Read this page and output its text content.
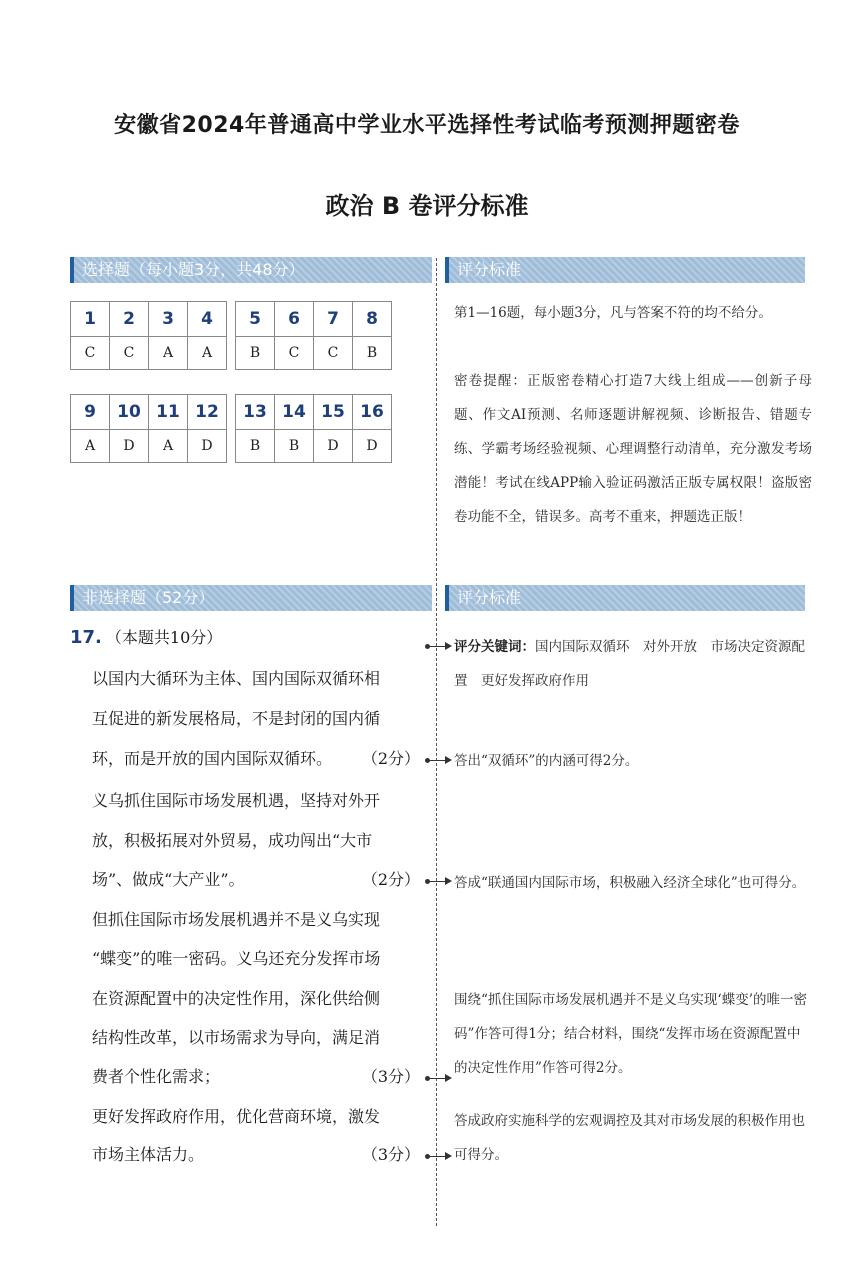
安徽省2024年普通高中学业水平选择性考试临考预测押题密卷
政治 B 卷评分标准
选择题（每小题3分，共48分）	评分标准
非选择题（52分）	评分标准
1	2	3	4
C	C	A	A
5	6	7	8
B	C	C	B
9	10	11	12
A	D	A	D
13	14	15	16
B	B	D	D
第1—16题，每小题3分，凡与答案不符的均不给分。
密卷提醒：正版密卷精心打造7大线上组成——创新子母题、作文AI预测、名师逐题讲解视频、诊断报告、错题专练、学霸考场经验视频、心理调整行动清单，充分激发考场潜能！考试在线APP输入验证码激活正版专属权限！盗版密卷功能不全，错误多。高考不重来，押题选正版！
17. （本题共10分）
以国内大循环为主体、国内国际双循环相
互促进的新发展格局，不是封闭的国内循
环，而是开放的国内国际双循环。 （2分）
义乌抓住国际市场发展机遇，坚持对外开
放，积极拓展对外贸易，成功闯出“大市
场”、做成“大产业”。	（2分）
但抓住国际市场发展机遇并不是义乌实现
“蝶变”的唯一密码。义乌还充分发挥市场
在资源配置中的决定性作用，深化供给侧
结构性改革，以市场需求为导向，满足消
费者个性化需求；	（3分）
更好发挥政府作用，优化营商环境，激发
市场主体活力。	（3分）
评分关键词：国内国际双循环　对外开放　市场决定资源配置　更好发挥政府作用
答出“双循环”的内涵可得2分。
答成“联通国内国际市场，积极融入经济全球化”也可得分。
围绕“抓住国际市场发展机遇并不是义乌实现‘蝶变’的唯一密码”作答可得1分；结合材料，围绕“发挥市场在资源配置中的决定性作用”作答可得2分。
答成政府实施科学的宏观调控及其对市场发展的积极作用也可得分。
